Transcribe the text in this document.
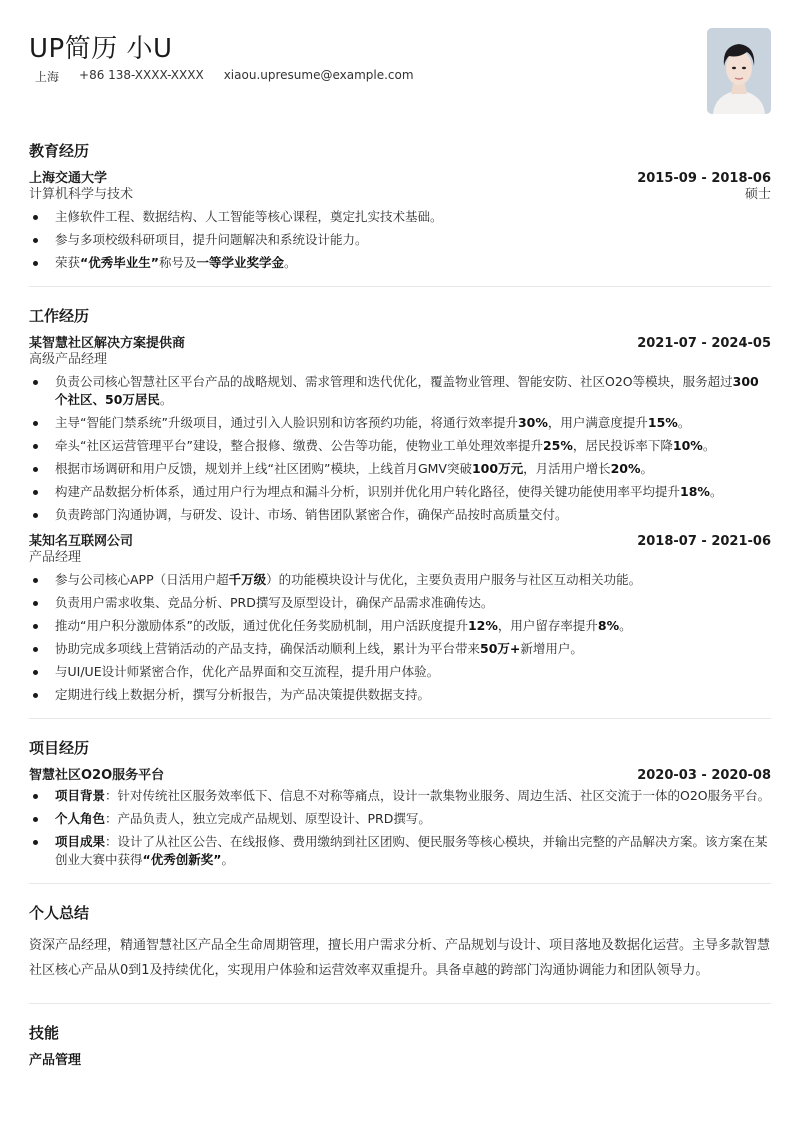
UP简历 小U
上海 +86 138-XXXX-XXXX xiaou.upresume@example.com
教育经历
上海交通大学	2015-09 - 2018-06
计算机科学与技术	硕士
主修软件工程、数据结构、人工智能等核心课程，奠定扎实技术基础。
参与多项校级科研项目，提升问题解决和系统设计能力。
荣获“优秀毕业生”称号及一等学业奖学金。
工作经历
某智慧社区解决方案提供商	2021-07 - 2024-05
高级产品经理
负责公司核心智慧社区平台产品的战略规划、需求管理和迭代优化，覆盖物业管理、智能安防、社区O2O等模块，服务超过300个社区、50万居民。
主导“智能门禁系统”升级项目，通过引入人脸识别和访客预约功能，将通行效率提升30%，用户满意度提升15%。
牵头“社区运营管理平台”建设，整合报修、缴费、公告等功能，使物业工单处理效率提升25%，居民投诉率下降10%。
根据市场调研和用户反馈，规划并上线“社区团购”模块，上线首月GMV突破100万元，月活用户增长20%。
构建产品数据分析体系，通过用户行为埋点和漏斗分析，识别并优化用户转化路径，使得关键功能使用率平均提升18%。
负责跨部门沟通协调，与研发、设计、市场、销售团队紧密合作，确保产品按时高质量交付。
某知名互联网公司	2018-07 - 2021-06
产品经理
参与公司核心APP（日活用户超千万级）的功能模块设计与优化，主要负责用户服务与社区互动相关功能。
负责用户需求收集、竞品分析、PRD撰写及原型设计，确保产品需求准确传达。
推动“用户积分激励体系”的改版，通过优化任务奖励机制，用户活跃度提升12%，用户留存率提升8%。
协助完成多项线上营销活动的产品支持，确保活动顺利上线，累计为平台带来50万+新增用户。
与UI/UE设计师紧密合作，优化产品界面和交互流程，提升用户体验。
定期进行线上数据分析，撰写分析报告，为产品决策提供数据支持。
项目经历
智慧社区O2O服务平台	2020-03 - 2020-08
项目背景：针对传统社区服务效率低下、信息不对称等痛点，设计一款集物业服务、周边生活、社区交流于一体的O2O服务平台。
个人角色：产品负责人，独立完成产品规划、原型设计、PRD撰写。
项目成果：设计了从社区公告、在线报修、费用缴纳到社区团购、便民服务等核心模块，并输出完整的产品解决方案。该方案在某创业大赛中获得“优秀创新奖”。
个人总结
资深产品经理，精通智慧社区产品全生命周期管理，擅长用户需求分析、产品规划与设计、项目落地及数据化运营。主导多款智慧社区核心产品从0到1及持续优化，实现用户体验和运营效率双重提升。具备卓越的跨部门沟通协调能力和团队领导力。
技能
产品管理
